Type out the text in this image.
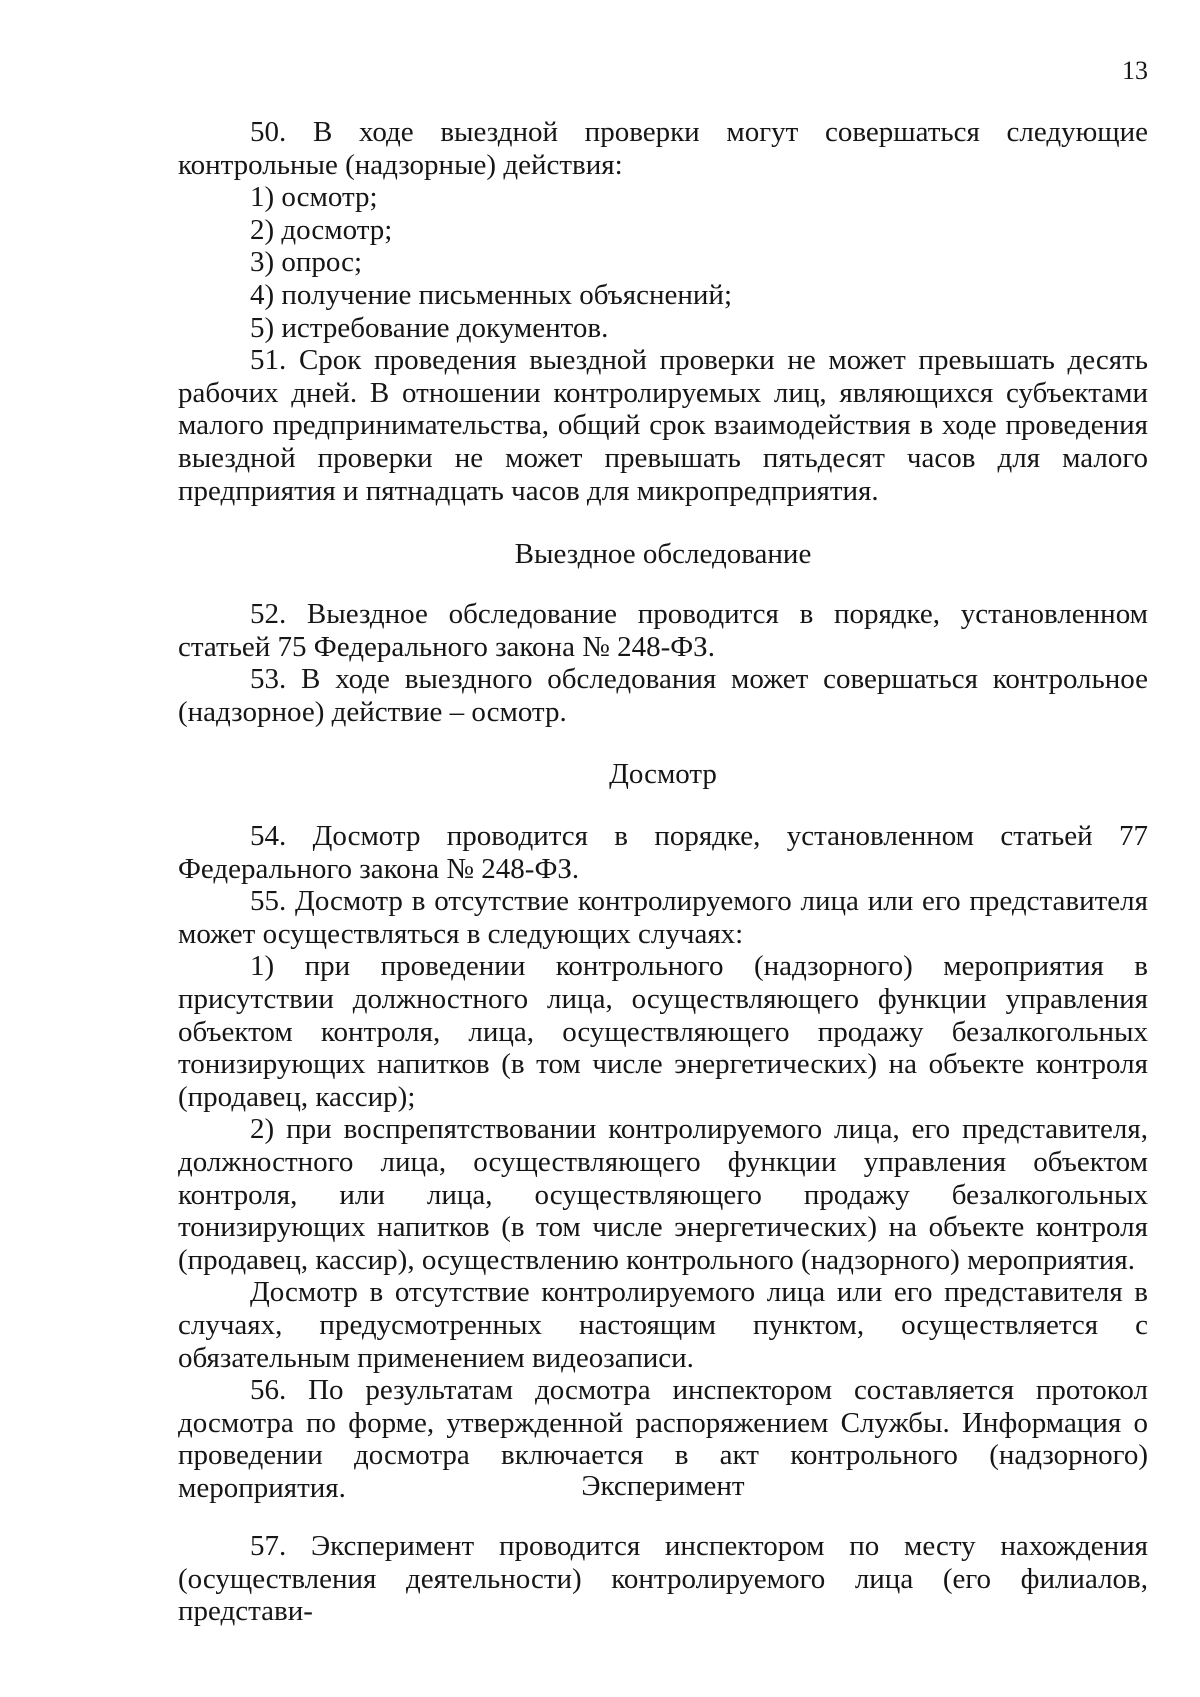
13

50. В ходе выездной проверки могут совершаться следующие контрольные (надзорные) действия:

1) осмотр;

2) досмотр;

3) опрос;

4) получение письменных объяснений;

5) истребование документов.

51. Срок проведения выездной проверки не может превышать десять рабочих дней. В отношении контролируемых лиц, являющихся субъектами малого предпринимательства, общий срок взаимодействия в ходе проведения выездной проверки не может превышать пятьдесят часов для малого предприятия и пятнадцать часов для микропредприятия.

Выездное обследование

52. Выездное обследование проводится в порядке, установленном статьей 75 Федерального закона № 248-ФЗ.

53. В ходе выездного обследования может совершаться контрольное (надзорное) действие – осмотр.

Досмотр

54. Досмотр проводится в порядке, установленном статьей 77 Федерального закона № 248-ФЗ.

55. Досмотр в отсутствие контролируемого лица или его представителя может осуществляться в следующих случаях:

1) при проведении контрольного (надзорного) мероприятия в присутствии должностного лица, осуществляющего функции управления объектом контроля, лица, осуществляющего продажу безалкогольных тонизирующих напитков (в том числе энергетических) на объекте контроля (продавец, кассир);

2) при воспрепятствовании контролируемого лица, его представителя, должностного лица, осуществляющего функции управления объектом контроля, или лица, осуществляющего продажу безалкогольных тонизирующих напитков (в том числе энергетических) на объекте контроля (продавец, кассир), осуществлению контрольного (надзорного) мероприятия.

Досмотр в отсутствие контролируемого лица или его представителя в случаях, предусмотренных настоящим пунктом, осуществляется с обязательным применением видеозаписи.

56. По результатам досмотра инспектором составляется протокол досмотра по форме, утвержденной распоряжением Службы. Информация о проведении досмотра включается в акт контрольного (надзорного) мероприятия.	Эксперимент

57. Эксперимент проводится инспектором по месту нахождения (осуществления деятельности) контролируемого лица (его филиалов, представи-
